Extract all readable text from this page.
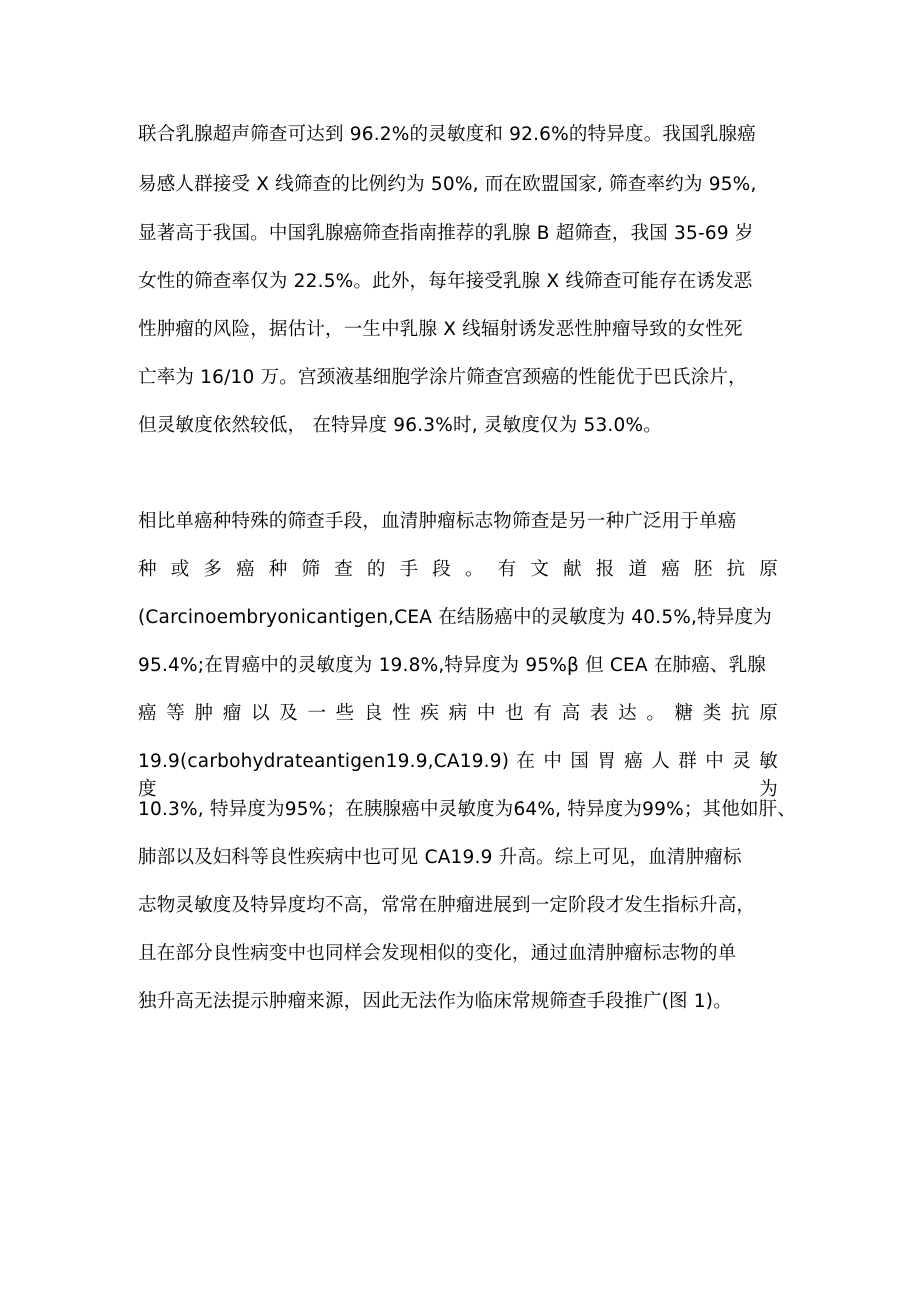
联合乳腺超声筛查可达到 96.2%的灵敏度和 92.6%的特异度。我国乳腺癌
易感人群接受 X 线筛查的比例约为 50%, 而在欧盟国家, 筛查率约为 95%,
显著高于我国。中国乳腺癌筛查指南推荐的乳腺 B 超筛查，我国 35-69 岁
女性的筛查率仅为 22.5%。此外，每年接受乳腺 X 线筛查可能存在诱发恶
性肿瘤的风险，据估计，一生中乳腺 X 线辐射诱发恶性肿瘤导致的女性死
亡率为 16/10 万。宫颈液基细胞学涂片筛查宫颈癌的性能优于巴氏涂片，
但灵敏度依然较低， 在特异度 96.3%时, 灵敏度仅为 53.0%。
相比单癌种特殊的筛查手段，血清肿瘤标志物筛查是另一种广泛用于单癌
种 或 多 癌 种 筛 查 的 手 段 。 有 文 献 报 道 癌 胚 抗 原
(Carcinoembryonicantigen,CEA 在结肠癌中的灵敏度为 40.5%,特异度为
95.4%;在胃癌中的灵敏度为 19.8%,特异度为 95%β 但 CEA 在肺癌、乳腺
癌 等 肿 瘤 以 及 一 些 良 性 疾 病 中 也 有 高 表 达 。 糖 类 抗 原
19.9(carbohydrateantigen19.9,CA19.9) 在 中 国 胃 癌 人 群 中 灵 敏 度 为
10.3%, 特异度为95%；在胰腺癌中灵敏度为64%, 特异度为99%；其他如肝、
肺部以及妇科等良性疾病中也可见 CA19.9 升高。综上可见，血清肿瘤标
志物灵敏度及特异度均不高，常常在肿瘤进展到一定阶段才发生指标升高，
且在部分良性病变中也同样会发现相似的变化，通过血清肿瘤标志物的单
独升高无法提示肿瘤来源，因此无法作为临床常规筛查手段推广(图 1)。
